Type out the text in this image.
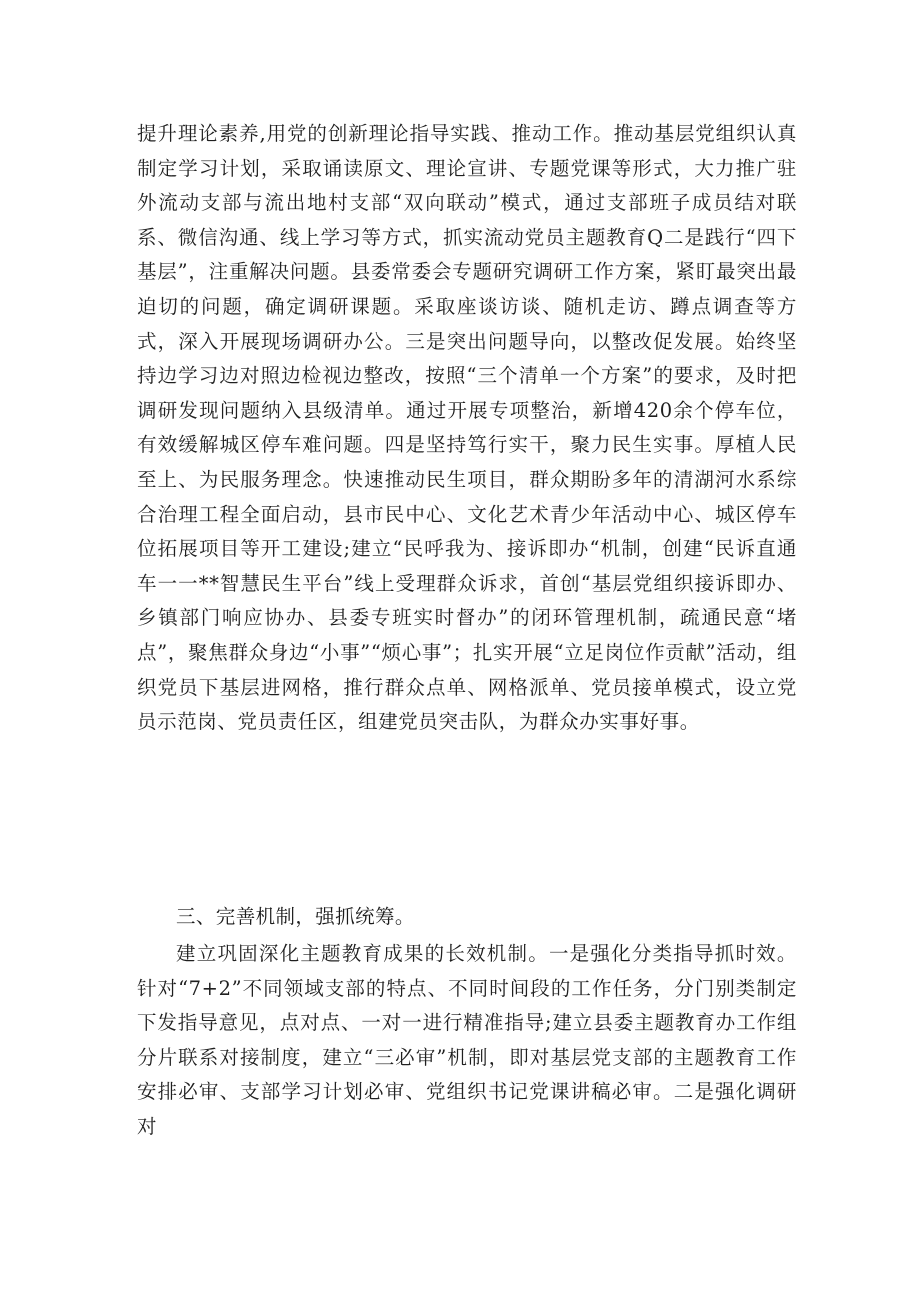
提升理论素养,用党的创新理论指导实践、推动工作。推动基层党组织认真制定学习计划，采取诵读原文、理论宣讲、专题党课等形式，大力推广驻外流动支部与流出地村支部“双向联动”模式，通过支部班子成员结对联系、微信沟通、线上学习等方式，抓实流动党员主题教育Q二是践行“四下基层”，注重解决问题。县委常委会专题研究调研工作方案，紧盯最突出最迫切的问题，确定调研课题。采取座谈访谈、随机走访、蹲点调查等方式，深入开展现场调研办公。三是突出问题导向，以整改促发展。始终坚持边学习边对照边检视边整改，按照“三个清单一个方案”的要求，及时把调研发现问题纳入县级清单。通过开展专项整治，新增420余个停车位，有效缓解城区停车难问题。四是坚持笃行实干，聚力民生实事。厚植人民至上、为民服务理念。快速推动民生项目，群众期盼多年的清湖河水系综合治理工程全面启动，县市民中心、文化艺术青少年活动中心、城区停车位拓展项目等开工建设;建立“民呼我为、接诉即办“机制，创建“民诉直通车一一**智慧民生平台”线上受理群众诉求，首创“基层党组织接诉即办、乡镇部门响应协办、县委专班实时督办”的闭环管理机制，疏通民意“堵点”，聚焦群众身边“小事”“烦心事”；扎实开展“立足岗位作贡献”活动，组织党员下基层进网格，推行群众点单、网格派单、党员接单模式，设立党员示范岗、党员责任区，组建党员突击队，为群众办实事好事。

三、完善机制，强抓统筹。

建立巩固深化主题教育成果的长效机制。一是强化分类指导抓时效。针对“7+2”不同领域支部的特点、不同时间段的工作任务，分门别类制定下发指导意见，点对点、一对一进行精准指导;建立县委主题教育办工作组分片联系对接制度，建立“三必审”机制，即对基层党支部的主题教育工作安排必审、支部学习计划必审、党组织书记党课讲稿必审。二是强化调研对
